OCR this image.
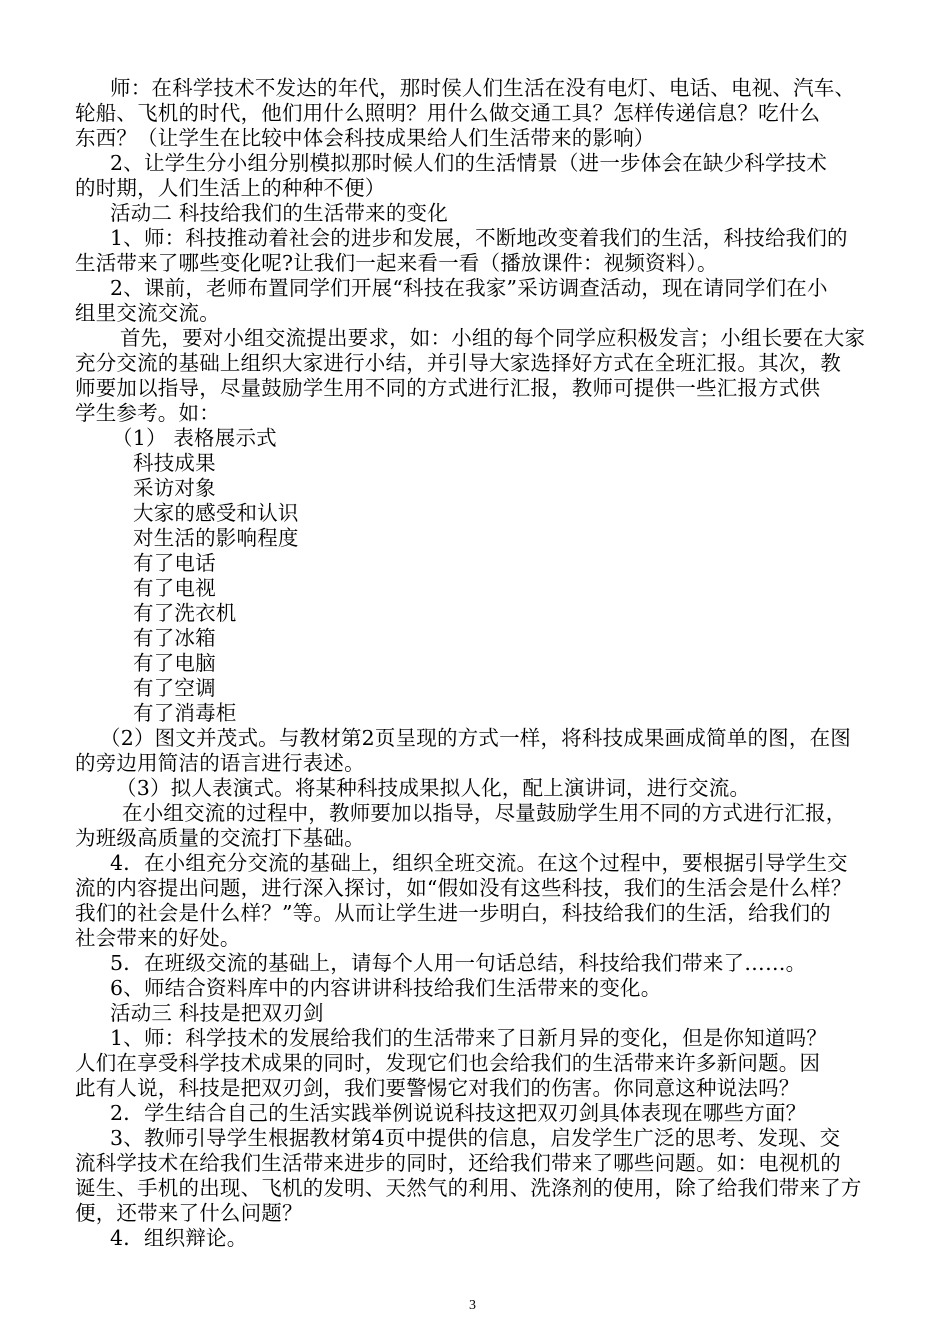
师：在科学技术不发达的年代，那时侯人们生活在没有电灯、电话、电视、汽车、
轮船、飞机的时代，他们用什么照明？用什么做交通工具？怎样传递信息？吃什么
东西？（让学生在比较中体会科技成果给人们生活带来的影响）
2、让学生分小组分别模拟那时候人们的生活情景（进一步体会在缺少科学技术
的时期，人们生活上的种种不便）
活动二 科技给我们的生活带来的变化
1、师：科技推动着社会的进步和发展，不断地改变着我们的生活，科技给我们的
生活带来了哪些变化呢?让我们一起来看一看（播放课件：视频资料）。
2、课前，老师布置同学们开展“科技在我家”采访调查活动，现在请同学们在小
组里交流交流。
首先，要对小组交流提出要求，如：小组的每个同学应积极发言；小组长要在大家
充分交流的基础上组织大家进行小结，并引导大家选择好方式在全班汇报。其次，教
师要加以指导，尽量鼓励学生用不同的方式进行汇报，教师可提供一些汇报方式供
学生参考。如：
（1） 表格展示式
科技成果
采访对象
大家的感受和认识
对生活的影响程度
有了电话
有了电视
有了洗衣机
有了冰箱
有了电脑
有了空调
有了消毒柜
（2）图文并茂式。与教材第2页呈现的方式一样，将科技成果画成简单的图，在图
的旁边用简洁的语言进行表述。
（3）拟人表演式。将某种科技成果拟人化，配上演讲词，进行交流。
在小组交流的过程中，教师要加以指导，尽量鼓励学生用不同的方式进行汇报，
为班级高质量的交流打下基础。
4．在小组充分交流的基础上，组织全班交流。在这个过程中，要根据引导学生交
流的内容提出问题，进行深入探讨，如“假如没有这些科技，我们的生活会是什么样？
我们的社会是什么样？”等。从而让学生进一步明白，科技给我们的生活，给我们的
社会带来的好处。
5．在班级交流的基础上，请每个人用一句话总结，科技给我们带来了……。
6、师结合资料库中的内容讲讲科技给我们生活带来的变化。
活动三 科技是把双刃剑
1、师：科学技术的发展给我们的生活带来了日新月异的变化，但是你知道吗？
人们在享受科学技术成果的同时，发现它们也会给我们的生活带来许多新问题。因
此有人说，科技是把双刃剑，我们要警惕它对我们的伤害。你同意这种说法吗？
2．学生结合自己的生活实践举例说说科技这把双刃剑具体表现在哪些方面？
3、教师引导学生根据教材第4页中提供的信息，启发学生广泛的思考、发现、交
流科学技术在给我们生活带来进步的同时，还给我们带来了哪些问题。如：电视机的
诞生、手机的出现、飞机的发明、天然气的利用、洗涤剂的使用，除了给我们带来了方
便，还带来了什么问题？
4．组织辩论。
3
